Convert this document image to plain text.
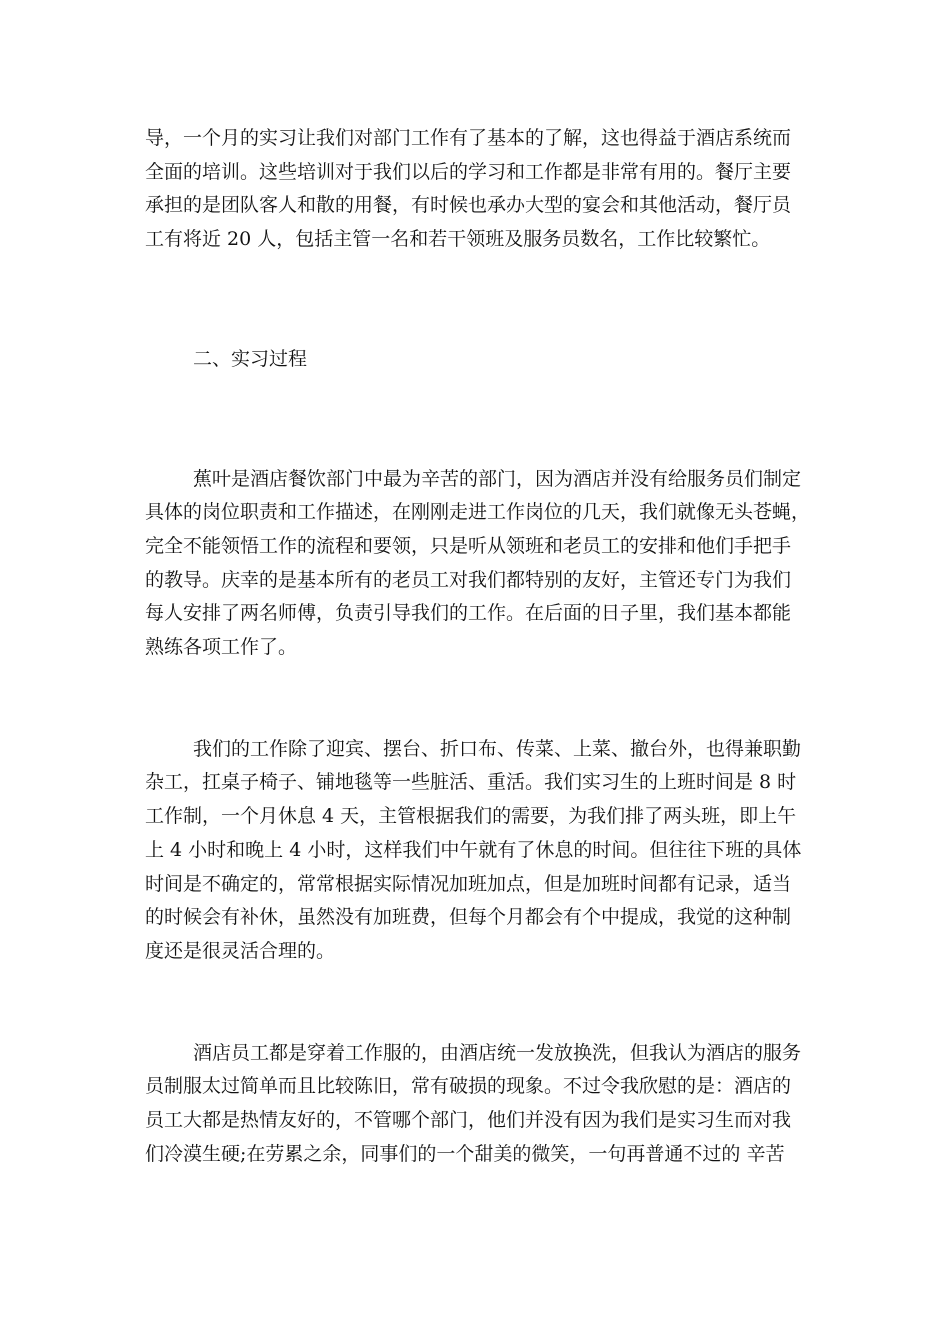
导，一个月的实习让我们对部门工作有了基本的了解，这也得益于酒店系统而
全面的培训。这些培训对于我们以后的学习和工作都是非常有用的。餐厅主要
承担的是团队客人和散的用餐，有时候也承办大型的宴会和其他活动，餐厅员
工有将近 20 人，包括主管一名和若干领班及服务员数名，工作比较繁忙。

二、实习过程

蕉叶是酒店餐饮部门中最为辛苦的部门，因为酒店并没有给服务员们制定
具体的岗位职责和工作描述，在刚刚走进工作岗位的几天，我们就像无头苍蝇，
完全不能领悟工作的流程和要领，只是听从领班和老员工的安排和他们手把手
的教导。庆幸的是基本所有的老员工对我们都特别的友好，主管还专门为我们
每人安排了两名师傅，负责引导我们的工作。在后面的日子里，我们基本都能
熟练各项工作了。

我们的工作除了迎宾、摆台、折口布、传菜、上菜、撤台外，也得兼职勤
杂工，扛桌子椅子、铺地毯等一些脏活、重活。我们实习生的上班时间是 8 时
工作制，一个月休息 4 天，主管根据我们的需要，为我们排了两头班，即上午
上 4 小时和晚上 4 小时，这样我们中午就有了休息的时间。但往往下班的具体
时间是不确定的，常常根据实际情况加班加点，但是加班时间都有记录，适当
的时候会有补休，虽然没有加班费，但每个月都会有个中提成，我觉的这种制
度还是很灵活合理的。

酒店员工都是穿着工作服的，由酒店统一发放换洗，但我认为酒店的服务
员制服太过简单而且比较陈旧，常有破损的现象。不过令我欣慰的是：酒店的
员工大都是热情友好的，不管哪个部门，他们并没有因为我们是实习生而对我
们冷漠生硬;在劳累之余，同事们的一个甜美的微笑，一句再普通不过的 辛苦
